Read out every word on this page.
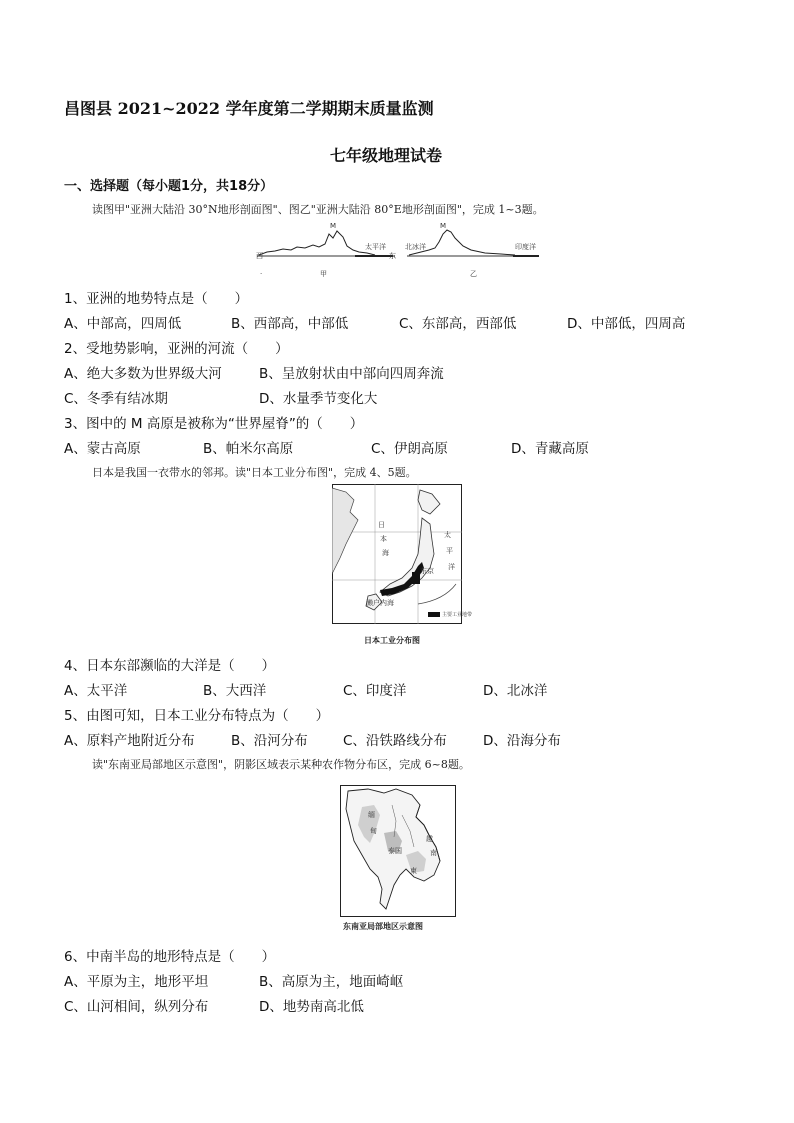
昌图县 2021~2022 学年度第二学期期末质量监测
七年级地理试卷
一、选择题（每小题1分，共18分）
读图甲"亚洲大陆沿 30°N地形剖面图"、图乙"亚洲大陆沿 80°E地形剖面图"，完成 1~3题。
M
西
太平洋
东
.	甲
M
北冰洋	印度洋
乙
1、亚洲的地势特点是（　　）
A、中部高，四周低	B、西部高，中部低	C、东部高，西部低	D、中部低，四周高
2、受地势影响，亚洲的河流（　　）
A、绝大多数为世界级大河	B、呈放射状由中部向四周奔流
C、冬季有结冰期	D、水量季节变化大
3、图中的 M 高原是被称为“世界屋脊”的（　　）
A、蒙古高原	B、帕米尔高原	C、伊朗高原	D、青藏高原
日本是我国一衣带水的邻邦。读"日本工业分布图"，完成 4、5题。
日
本
海
东京
太
平
洋
濑户内海
主要工业地带
日本工业分布图
4、日本东部濒临的大洋是（　　）
A、太平洋	B、大西洋	C、印度洋	D、北冰洋
5、由图可知，日本工业分布特点为（　　）
A、原料产地附近分布	B、沿河分布	C、沿铁路线分布	D、沿海分布
读"东南亚局部地区示意图"，阴影区域表示某种农作物分布区，完成 6~8题。
缅
甸
泰国
柬
越
南
东南亚局部地区示意图
6、中南半岛的地形特点是（　　）
A、平原为主，地形平坦	B、高原为主，地面崎岖
C、山河相间，纵列分布	D、地势南高北低
